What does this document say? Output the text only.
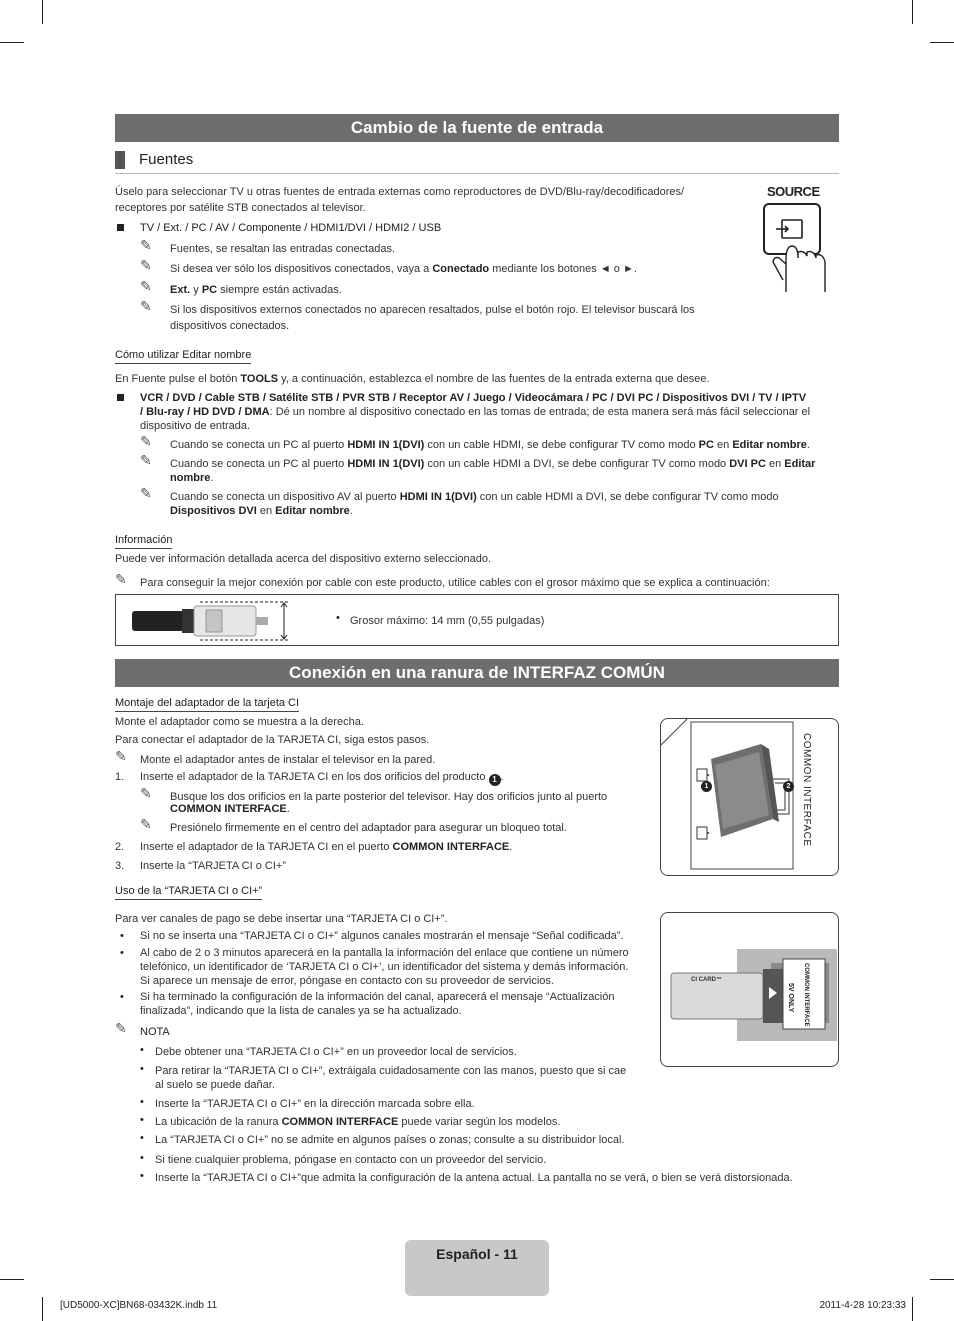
Cambio de la fuente de entrada
Fuentes
Úselo para seleccionar TV u otras fuentes de entrada externas como reproductores de DVD/Blu-ray/decodificadores/
receptores por satélite STB conectados al televisor.
SOURCE
TV / Ext. / PC / AV / Componente / HDMI1/DVI / HDMI2 / USB
✎ Fuentes, se resaltan las entradas conectadas.
✎ Si desea ver sólo los dispositivos conectados, vaya a Conectado mediante los botones ◄ o ►.
✎ Ext. y PC siempre están activadas.
✎ Si los dispositivos externos conectados no aparecen resaltados, pulse el botón rojo. El televisor buscará los
dispositivos conectados.
Cómo utilizar Editar nombre
En Fuente pulse el botón TOOLS y, a continuación, establezca el nombre de las fuentes de la entrada externa que desee.
VCR / DVD / Cable STB / Satélite STB / PVR STB / Receptor AV / Juego / Videocámara / PC / DVI PC / Dispositivos DVI / TV / IPTV
/ Blu-ray / HD DVD / DMA: Dé un nombre al dispositivo conectado en las tomas de entrada; de esta manera será más fácil seleccionar el
dispositivo de entrada.
✎ Cuando se conecta un PC al puerto HDMI IN 1(DVI) con un cable HDMI, se debe configurar TV como modo PC en Editar nombre.
✎ Cuando se conecta un PC al puerto HDMI IN 1(DVI) con un cable HDMI a DVI, se debe configurar TV como modo DVI PC en Editar
nombre.
✎ Cuando se conecta un dispositivo AV al puerto HDMI IN 1(DVI) con un cable HDMI a DVI, se debe configurar TV como modo
Dispositivos DVI en Editar nombre.
Información
Puede ver información detallada acerca del dispositivo externo seleccionado.
✎ Para conseguir la mejor conexión por cable con este producto, utilice cables con el grosor máximo que se explica a continuación:
• Grosor máximo: 14 mm (0,55 pulgadas)
Conexión en una ranura de INTERFAZ COMÚN
Montaje del adaptador de la tarjeta CI
Monte el adaptador como se muestra a la derecha.
Para conectar el adaptador de la TARJETA CI, siga estos pasos.
✎ Monte el adaptador antes de instalar el televisor en la pared.
1. Inserte el adaptador de la TARJETA CI en los dos orificios del producto 1 .
✎ Busque los dos orificios en la parte posterior del televisor. Hay dos orificios junto al puerto
COMMON INTERFACE.
✎ Presiónelo firmemente en el centro del adaptador para asegurar un bloqueo total.
2. Inserte el adaptador de la TARJETA CI en el puerto COMMON INTERFACE.
3. Inserte la “TARJETA CI o CI+”
1	2	COMMON INTERFACE
Uso de la “TARJETA CI o CI+”
Para ver canales de pago se debe insertar una “TARJETA CI o CI+”.
• Si no se inserta una “TARJETA CI o CI+” algunos canales mostrarán el mensaje “Señal codificada”.
• Al cabo de 2 o 3 minutos aparecerá en la pantalla la información del enlace que contiene un número
telefónico, un identificador de ‘TARJETA CI o CI+’, un identificador del sistema y demás información.
Si aparece un mensaje de error, póngase en contacto con su proveedor de servicios.
• Si ha terminado la configuración de la información del canal, aparecerá el mensaje “Actualización
finalizada”, indicando que la lista de canales ya se ha actualizado.
✎ NOTA
• Debe obtener una “TARJETA CI o CI+” en un proveedor local de servicios.
• Para retirar la “TARJETA CI o CI+”, extráigala cuidadosamente con las manos, puesto que si cae
al suelo se puede dañar.
• Inserte la “TARJETA CI o CI+” en la dirección marcada sobre ella.
• La ubicación de la ranura COMMON INTERFACE puede variar según los modelos.
• La “TARJETA CI o CI+” no se admite en algunos países o zonas; consulte a su distribuidor local.
• Si tiene cualquier problema, póngase en contacto con un proveedor del servicio.
• Inserte la “TARJETA CI o CI+”que admita la configuración de la antena actual. La pantalla no se verá, o bien se verá distorsionada.
CI CARD™	COMMON INTERFACE
5V ONLY
Español - 11
[UD5000-XC]BN68-03432K.indb 11	2011-4-28 10:23:33
